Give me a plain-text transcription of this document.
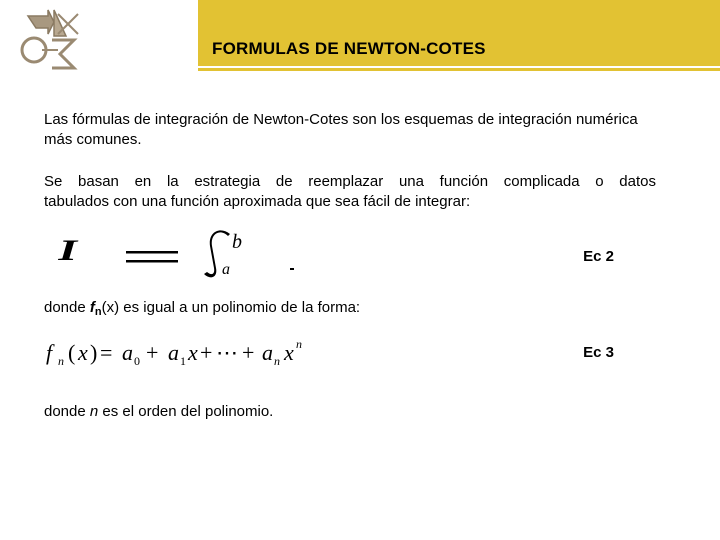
FORMULAS DE NEWTON-COTES

Las fórmulas de integración de Newton-Cotes son los esquemas de integración numérica más comunes.

Se basan en la estrategia de reemplazar una función complicada o datos
tabulados con una función aproximada que sea fácil de integrar:

I	b
a
Ec 2

donde $f_n(x)$ es igual a un polinomio de la forma:

f n ( x ) = a 0 + a 1 x + ⋯ + a n x n	Ec 3

donde n es el orden del polinomio.
